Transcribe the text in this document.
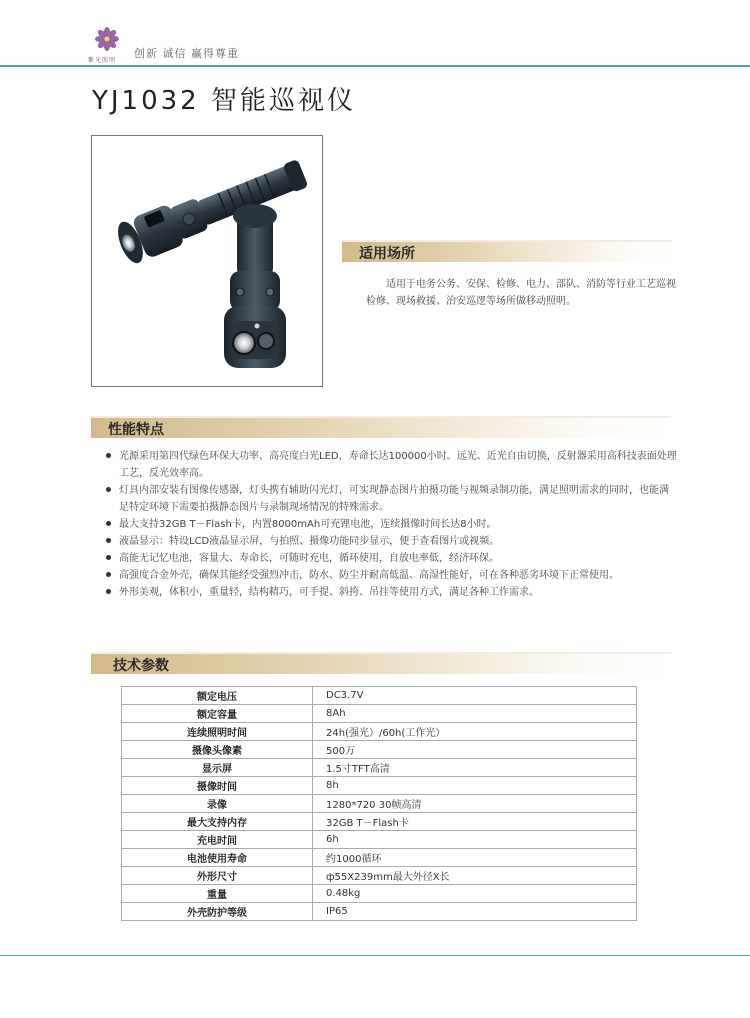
紫光照明
创新 诚信 赢得尊重
YJ1032 智能巡视仪
适用场所
适用于电务公务、安保、检修、电力、部队、消防等行业工艺巡视检修、现场救援、治安巡逻等场所做移动照明。
性能特点
光源采用第四代绿色环保大功率、高亮度白光LED，寿命长达100000小时。远光、近光自由切换，反射器采用高科技表面处理工艺，反光效率高。
灯具内部安装有图像传感器，灯头携有辅助闪光灯，可实现静态图片拍摄功能与视频录制功能，满足照明需求的同时，也能满足特定环境下需要拍摄静态图片与录制现场情况的特殊需求。
最大支持32GB T－Flash卡，内置8000mAh可充锂电池，连续摄像时间长达8小时。
液晶显示：特设LCD液晶显示屏，与拍照、摄像功能同步显示，便于查看图片或视频。
高能无记忆电池，容量大、寿命长，可随时充电，循环使用，自放电率低，经济环保。
高强度合金外壳，确保其能经受强烈冲击，防水、防尘并耐高低温、高湿性能好，可在各种恶劣环境下正常使用。
外形美观，体积小，重量轻，结构精巧，可手提、斜挎、吊挂等使用方式，满足各种工作需求。
技术参数
额定电压	DC3.7V
额定容量	8Ah
连续照明时间	24h(强光）/60h(工作光）
摄像头像素	500万
显示屏	1.5寸TFT高清
摄像时间	8h
录像	1280*720 30帧高清
最大支持内存	32GB T－Flash卡
充电时间	6h
电池使用寿命	约1000循环
外形尺寸	ф55X239mm最大外径X长
重量	0.48kg
外壳防护等级	IP65
